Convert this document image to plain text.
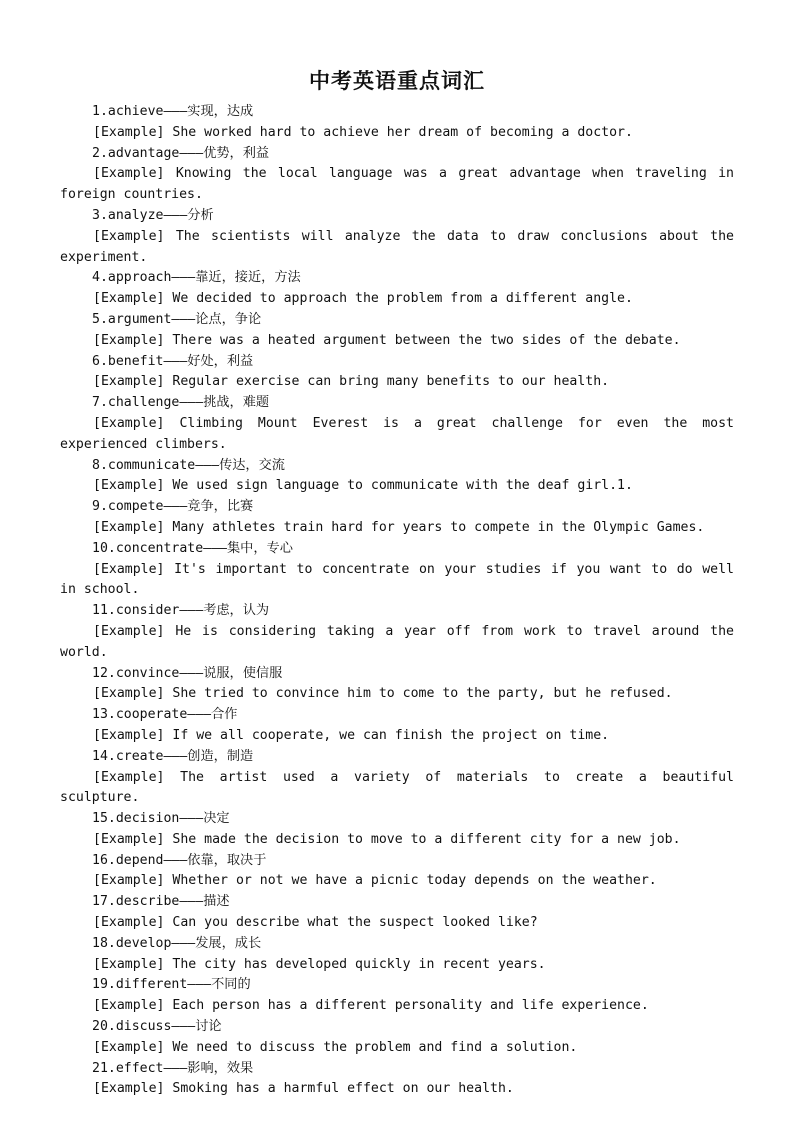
中考英语重点词汇
1.achieve———实现，达成
[Example] She worked hard to achieve her dream of becoming a doctor.
2.advantage———优势，利益
[Example] Knowing the local language was a great advantage when traveling in foreign countries.
3.analyze———分析
[Example] The scientists will analyze the data to draw conclusions about the experiment.
4.approach———靠近，接近，方法
[Example] We decided to approach the problem from a different angle.
5.argument———论点，争论
[Example] There was a heated argument between the two sides of the debate.
6.benefit———好处，利益
[Example] Regular exercise can bring many benefits to our health.
7.challenge———挑战，难题
[Example] Climbing Mount Everest is a great challenge for even the most experienced climbers.
8.communicate———传达，交流
[Example] We used sign language to communicate with the deaf girl.1.
9.compete———竞争，比赛
[Example] Many athletes train hard for years to compete in the Olympic Games.
10.concentrate———集中，专心
[Example] It's important to concentrate on your studies if you want to do well in school.
11.consider———考虑，认为
[Example] He is considering taking a year off from work to travel around the world.
12.convince———说服，使信服
[Example] She tried to convince him to come to the party, but he refused.
13.cooperate———合作
[Example] If we all cooperate, we can finish the project on time.
14.create———创造，制造
[Example] The artist used a variety of materials to create a beautiful sculpture.
15.decision———决定
[Example] She made the decision to move to a different city for a new job.
16.depend———依靠，取决于
[Example] Whether or not we have a picnic today depends on the weather.
17.describe———描述
[Example] Can you describe what the suspect looked like?
18.develop———发展，成长
[Example] The city has developed quickly in recent years.
19.different———不同的
[Example] Each person has a different personality and life experience.
20.discuss———讨论
[Example] We need to discuss the problem and find a solution.
21.effect———影响，效果
[Example] Smoking has a harmful effect on our health.
